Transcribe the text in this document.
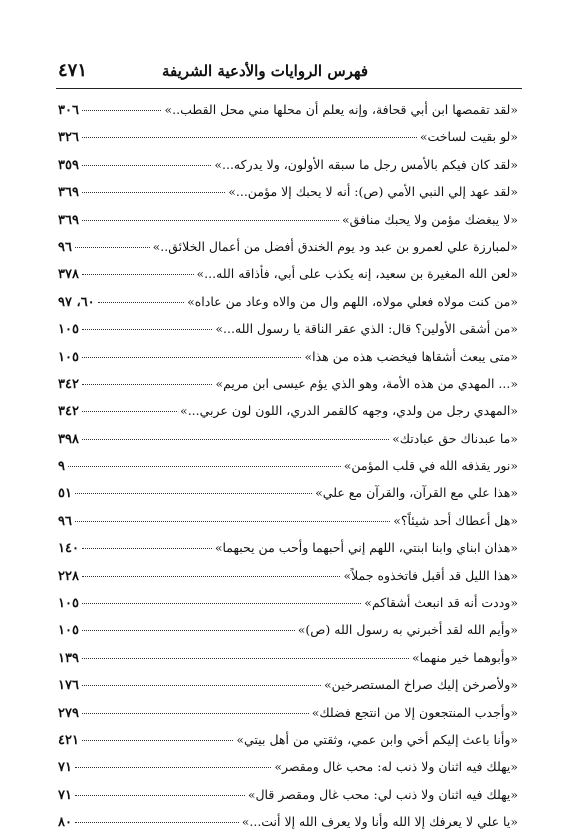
فهرس الروايات والأدعية الشريفة
٤٧١
«لقد تقمصها ابن أبي قحافة، وإنه يعلم أن محلها مني محل القطب..»
٣٠٦
«لو بقيت لساخت»
٣٢٦
«لقد كان فيكم بالأمس رجل ما سبقه الأولون، ولا يدركه...»
٣٥٩
«لقد عهد إلي النبي الأمي (ص): أنه لا يحبك إلا مؤمن...»
٣٦٩
«لا يبغضك مؤمن ولا يحبك منافق»
٣٦٩
«لمبارزة علي لعمرو بن عبد ود يوم الخندق أفضل من أعمال الخلائق..»
٩٦
«لعن الله المغيرة بن سعيد، إنه يكذب على أبي، فأذاقه الله...»
٣٧٨
«من كنت مولاه فعلي مولاه، اللهم وال من والاه وعاد من عاداه»
٦٠، ٩٧
«من أشقى الأولين؟ قال: الذي عقر الناقة يا رسول الله...»
١٠٥
«متى يبعث أشقاها فيخضب هذه من هذا»
١٠٥
«... المهدي من هذه الأمة، وهو الذي يؤم عيسى ابن مريم»
٣٤٢
«المهدي رجل من ولدي، وجهه كالقمر الدري، اللون لون عربي...»
٣٤٢
«ما عبدناك حق عبادتك»
٣٩٨
«نور يقذفه الله في قلب المؤمن»
٩
«هذا علي مع القرآن، والقرآن مع علي»
٥١
«هل أعطاك أحد شيئاً؟»
٩٦
«هذان ابناي وابنا ابنتي، اللهم إني أحبهما وأحب من يحبهما»
١٤٠
«هذا الليل قد أقبل فاتخذوه جملاً»
٢٢٨
«وددت أنه قد انبعث أشقاكم»
١٠٥
«وأيم الله لقد أخبرني به رسول الله (ص)»
١٠٥
«وأبوهما خير منهما»
١٣٩
«ولأصرخن إليك صراخ المستصرخين»
١٧٦
«وأجدب المنتجعون إلا من انتجع فضلك»
٢٧٩
«وأنا باعث إليكم أخي وابن عمي، وثقتي من أهل بيتي»
٤٢١
«يهلك فيه اثنان ولا ذنب له: محب غال ومقصر»
٧١
«يهلك فيه اثنان ولا ذنب لي: محب غال ومقصر قال»
٧١
«يا علي لا يعرفك إلا الله وأنا ولا يعرف الله إلا أنت...»
٨٠
